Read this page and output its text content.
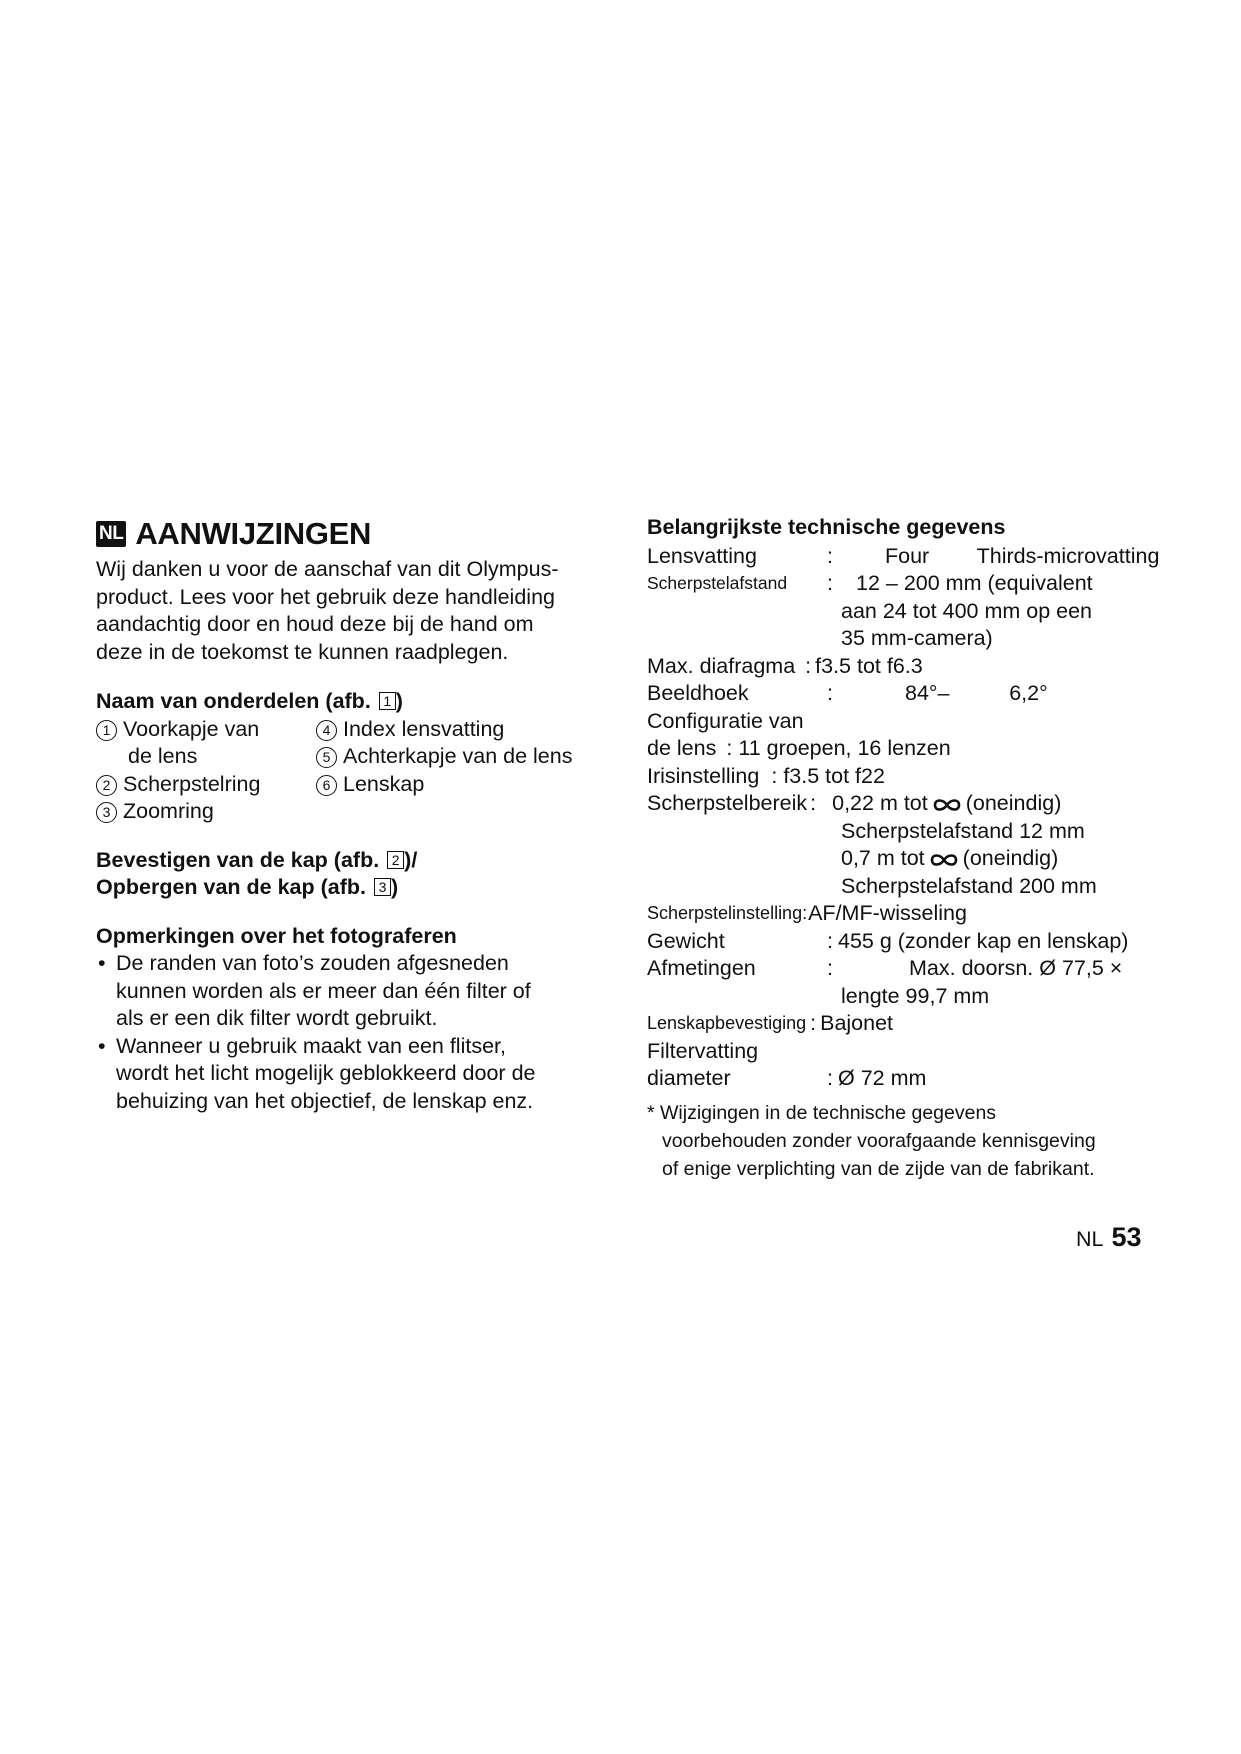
NL AANWIJZINGEN

Wij danken u voor de aanschaf van dit Olympus-

product. Lees voor het gebruik deze handleiding

aandachtig door en houd deze bij de hand om

deze in de toekomst te kunnen raadplegen.

Naam van onderdelen (afb. 1 )

1 Voorkapje van	4 Index lensvatting
de lens	5 Achterkapje van de lens
2 Scherpstelring	6 Lenskap
3 Zoomring

Bevestigen van de kap (afb. 2 )/

Opbergen van de kap (afb. 3 )

Opmerkingen over het fotograferen

• De randen van foto’s zouden afgesneden
kunnen worden als er meer dan één filter of
als er een dik filter wordt gebruikt.
• Wanneer u gebruik maakt van een flitser,
wordt het licht mogelijk geblokkeerd door de
behuizing van het objectief, de lenskap enz.

Belangrijkste technische gegevens

Lensvatting	:	Four        Thirds-microvatting
Scherpstelafstand	:	12 – 200 mm (equivalent
aan 24 tot 400 mm op een
35 mm-camera)
Max. diafragma : f3.5 tot f6.3
Beeldhoek	:	84°–          6,2°
Configuratie van
de lens : 11 groepen, 16 lenzen
Irisinstelling : f3.5 tot f22
Scherpstelbereik : 0,22 m tot (oneindig)
Scherpstelafstand 12 mm
0,7 m tot (oneindig)
Scherpstelafstand 200 mm
Scherpstelinstelling: AF/MF-wisseling
Gewicht	: 455 g (zonder kap en lenskap)
Afmetingen	:	Max. doorsn. Ø 77,5 ×
lengte 99,7 mm
Lenskapbevestiging : Bajonet
Filtervatting
diameter	: Ø 72 mm
* Wijzigingen in de technische gegevens
voorbehouden zonder voorafgaande kennisgeving
of enige verplichting van de zijde van de fabrikant.
NL 53
